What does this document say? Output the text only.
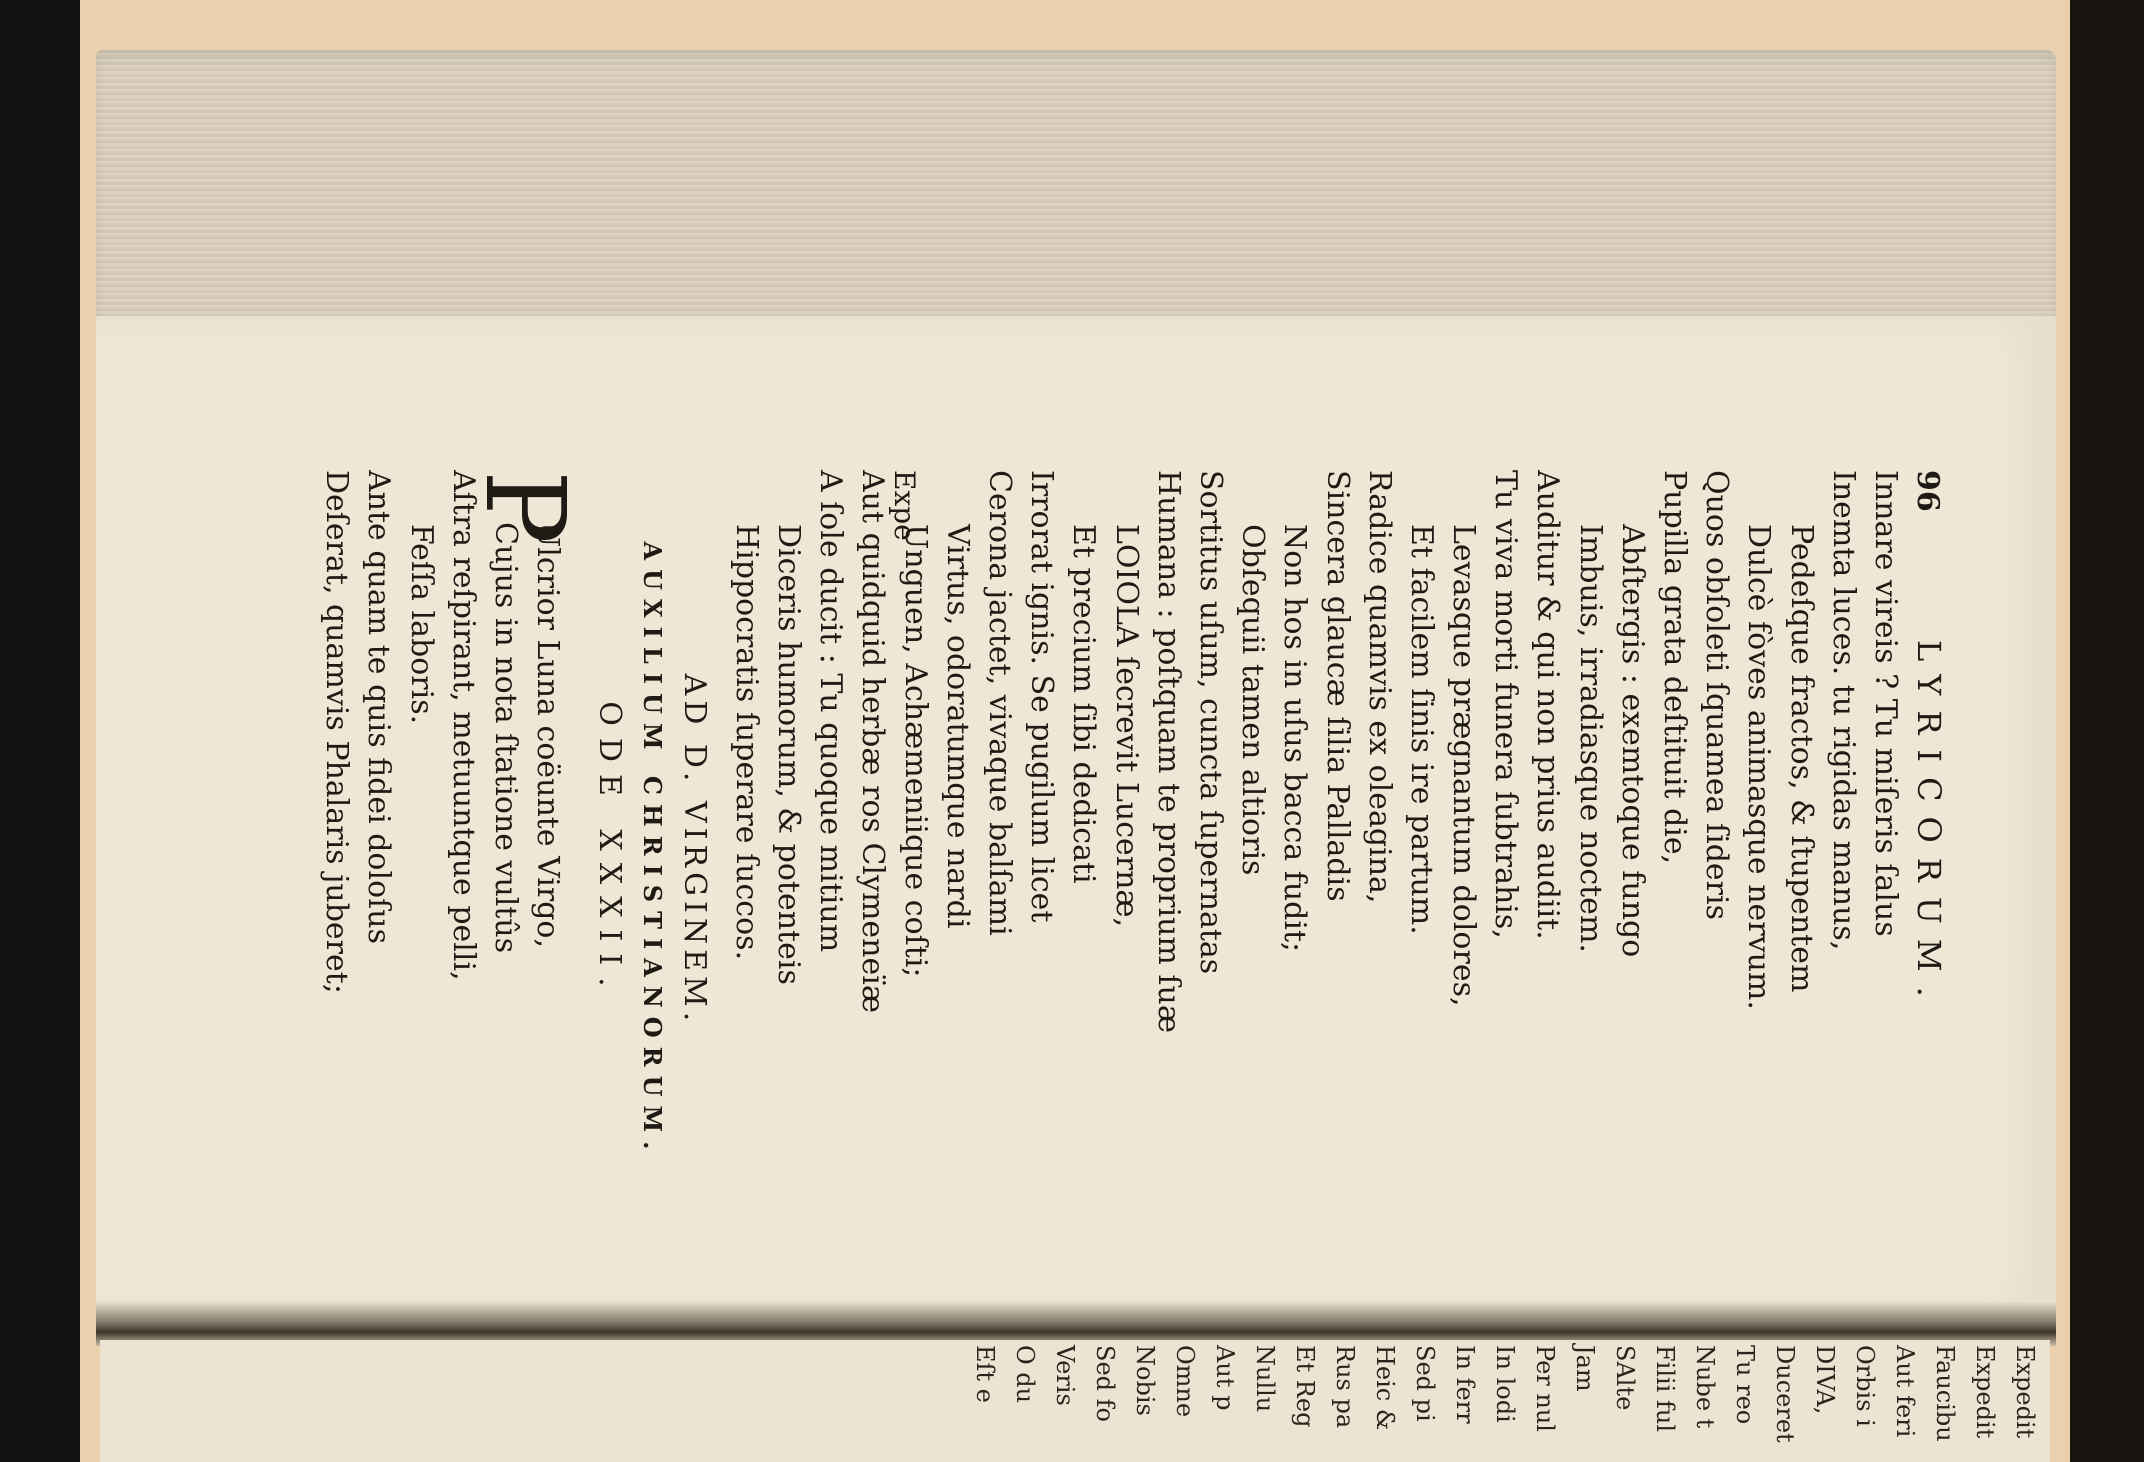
96
LYRICORUM.
Innare vireis ? Tu miſeris ſalus
Inemta luces. tu rigidas manus,
Pedeſque fractos, & ſtupentem
Dulcè fòves animasque nervum.
Quos obſoleti ſquamea ſideris
Pupilla grata deſtituit die,
Abſtergis : exemtoque fungo
Imbuis, irradiasque noctem.
Auditur & qui non prius audiit.
Tu viva morti funera ſubtrahis,
Levasque prægnantum dolores,
Et facilem ſinis ire partum.
Radice quamvis ex oleagina,
Sincera glaucæ ſilia Palladis
Non hos in uſus bacca fudit;
Obſequii tamen altioris
Sortitus uſum, cuncta ſupernatas
Humana : poſtquam te proprium ſuæ
LOIOLA ſecrevit Lucernæ,
Et precium ſibi dedicati
Irrorat ignis. Se pugilum licet
Cerona jactet, vivaque balſami
Virtus, odoratumque nardi
Unguen, Achæmeniique coſti;
Aut quidquid herbæ ros Clymeneïæ
A ſole ducit : Tu quoque mitium
Diceris humorum, & potenteis
Hippocratis ſuperare ſuccos.
AD D. VIRGINEM.
AUXILIUM CHRISTIANORUM.
ODE XXXII.
P
Ulcrior Luna coëunte Virgo,
Cujus in nota ſtatione vultûs
Aſtra reſpirant, metuuntque pelli,
Feſſa laboris.
Ante quam te quis fidei doloſus
Deſerat, quamvis Phalaris juberet;	Expe
Expedit
Expedit
Faucibu
Aut feri
Orbis i
DIVA,
Duceret
Tu reo
Nube t
Filii ful
SAlte
Jam
Per nul
In lodi
In ferr
Sed pi
Heic &
Rus pa
Et Reg
Nullu
Aut p
Omne
Nobis
Sed fo
Veris
O du
Eſt e
